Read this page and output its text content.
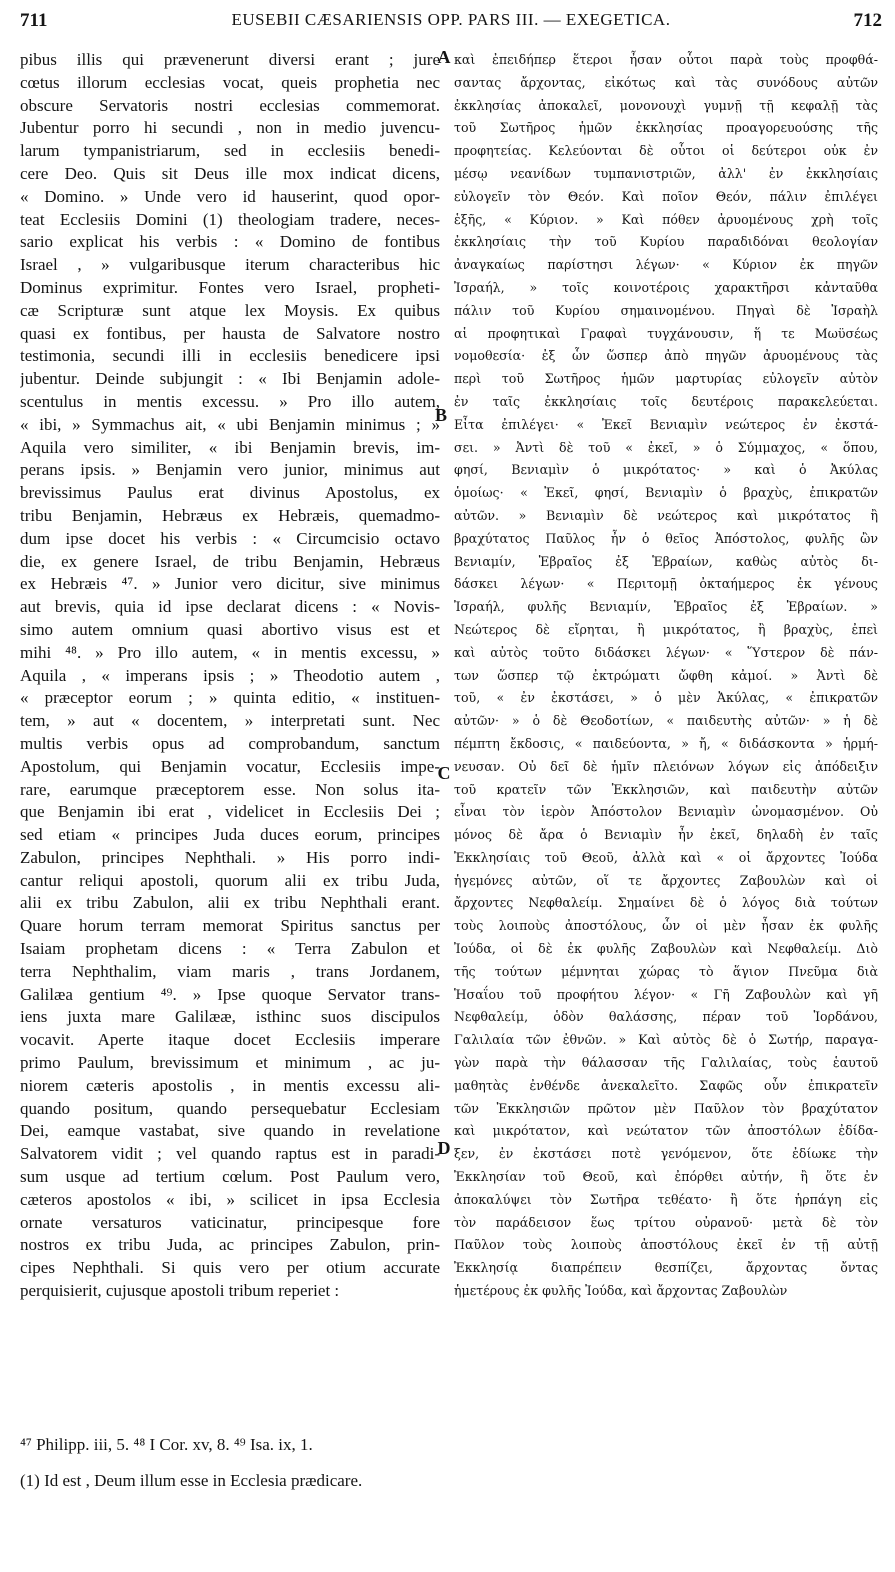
711	EUSEBII CÆSARIENSIS OPP. PARS III. — EXEGETICA.	712
pibus illis qui prævenerunt diversi erant ; jure
cœtus illorum ecclesias vocat, queis prophetia nec
obscure Servatoris nostri ecclesias commemorat.
Jubentur porro hi secundi , non in medio juvencu-
larum tympanistriarum, sed in ecclesiis benedi-
cere Deo. Quis sit Deus ille mox indicat dicens,
« Domino. » Unde vero id hauserint, quod opor-
teat Ecclesiis Domini (1) theologiam tradere, neces-
sario explicat his verbis : « Domino de fontibus
Israel , » vulgaribusque iterum characteribus hic
Dominus exprimitur. Fontes vero Israel, propheti-
cæ Scripturæ sunt atque lex Moysis. Ex quibus
quasi ex fontibus, per hausta de Salvatore nostro
testimonia, secundi illi in ecclesiis benedicere ipsi
jubentur. Deinde subjungit : « Ibi Benjamin adole-
scentulus in mentis excessu. » Pro illo autem,
« ibi, » Symmachus ait, « ubi Benjamin minimus ; »
Aquila vero similiter, « ibi Benjamin brevis, im-
perans ipsis. » Benjamin vero junior, minimus aut
brevissimus Paulus erat divinus Apostolus, ex
tribu Benjamin, Hebræus ex Hebræis, quemadmo-
dum ipse docet his verbis : « Circumcisio octavo
die, ex genere Israel, de tribu Benjamin, Hebræus
ex Hebræis ⁴⁷. » Junior vero dicitur, sive minimus
aut brevis, quia id ipse declarat dicens : « Novis-
simo autem omnium quasi abortivo visus est et
mihi ⁴⁸. » Pro illo autem, « in mentis excessu, »
Aquila , « imperans ipsis ; » Theodotio autem ,
« præceptor eorum ; » quinta editio, « instituen-
tem, » aut « docentem, » interpretati sunt. Nec
multis verbis opus ad comprobandum, sanctum
Apostolum, qui Benjamin vocatur, Ecclesiis impe-
rare, earumque præceptorem esse. Non solus ita-
que Benjamin ibi erat , videlicet in Ecclesiis Dei ;
sed etiam « principes Juda duces eorum, principes
Zabulon, principes Nephthali. » His porro indi-
cantur reliqui apostoli, quorum alii ex tribu Juda,
alii ex tribu Zabulon, alii ex tribu Nephthali erant.
Quare horum terram memorat Spiritus sanctus per
Isaiam prophetam dicens : « Terra Zabulon et
terra Nephthalim, viam maris , trans Jordanem,
Galilæa gentium ⁴⁹. » Ipse quoque Servator trans-
iens juxta mare Galilææ, isthinc suos discipulos
vocavit. Aperte itaque docet Ecclesiis imperare
primo Paulum, brevissimum et minimum , ac ju-
niorem cæteris apostolis , in mentis excessu ali-
quando positum, quando persequebatur Ecclesiam
Dei, eamque vastabat, sive quando in revelatione
Salvatorem vidit ; vel quando raptus est in paradi-
sum usque ad tertium cœlum. Post Paulum vero,
cæteros apostolos « ibi, » scilicet in ipsa Ecclesia
ornate versaturos vaticinatur, principesque fore
nostros ex tribu Juda, ac principes Zabulon, prin-
cipes Nephthali. Si quis vero per otium accurate
perquisierit, cujusque apostoli tribum reperiet :
καὶ ἐπειδήπερ ἕτεροι ἦσαν οὗτοι παρὰ τοὺς προφθά-
σαντας ἄρχοντας, εἰκότως καὶ τὰς συνόδους αὐτῶν
ἐκκλησίας ἀποκαλεῖ, μονονουχὶ γυμνῇ τῇ κεφαλῇ τὰς
τοῦ Σωτῆρος ἡμῶν ἐκκλησίας προαγορευούσης τῆς
προφητείας. Κελεύονται δὲ οὗτοι οἱ δεύτεροι οὐκ ἐν
μέσῳ νεανίδων τυμπανιστριῶν, ἀλλ' ἐν ἐκκλησίαις
εὐλογεῖν τὸν Θεόν. Καὶ ποῖον Θεόν, πάλιν ἐπιλέγει
ἑξῆς, « Κύριον. » Καὶ πόθεν ἀρυομένους χρὴ τοῖς
ἐκκλησίαις τὴν τοῦ Κυρίου παραδιδόναι θεολογίαν
ἀναγκαίως παρίστησι λέγων· « Κύριον ἐκ πηγῶν
Ἰσραήλ, » τοῖς κοινοτέροις χαρακτῆρσι κἀνταῦθα
πάλιν τοῦ Κυρίου σημαινομένου. Πηγαὶ δὲ Ἰσραὴλ
αἱ προφητικαὶ Γραφαὶ τυγχάνουσιν, ἥ τε Μωϋσέως
νομοθεσία· ἐξ ὧν ὥσπερ ἀπὸ πηγῶν ἀρυομένους τὰς
περὶ τοῦ Σωτῆρος ἡμῶν μαρτυρίας εὐλογεῖν αὐτὸν
ἐν ταῖς ἐκκλησίαις τοῖς δευτέροις παρακελεύεται.
Εἶτα ἐπιλέγει· « Ἐκεῖ Βενιαμὶν νεώτερος ἐν ἐκστά-
σει. » Ἀντὶ δὲ τοῦ « ἐκεῖ, » ὁ Σύμμαχος, « ὅπου,
φησί, Βενιαμὶν ὁ μικρότατος· » καὶ ὁ Ἀκύλας
ὁμοίως· « Ἐκεῖ, φησί, Βενιαμὶν ὁ βραχὺς, ἐπικρατῶν
αὐτῶν. » Βενιαμὶν δὲ νεώτερος καὶ μικρότατος ἢ
βραχύτατος Παῦλος ἦν ὁ θεῖος Ἀπόστολος, φυλῆς ὢν
Βενιαμίν, Ἑβραῖος ἐξ Ἑβραίων, καθὼς αὐτὸς δι-
δάσκει λέγων· « Περιτομῇ ὀκταήμερος ἐκ γένους
Ἰσραήλ, φυλῆς Βενιαμίν, Ἑβραῖος ἐξ Ἑβραίων. »
Νεώτερος δὲ εἴρηται, ἢ μικρότατος, ἢ βραχὺς, ἐπεὶ
καὶ αὐτὸς τοῦτο διδάσκει λέγων· « Ὕστερον δὲ πάν-
των ὥσπερ τῷ ἐκτρώματι ὤφθη κἀμοί. » Ἀντὶ δὲ
τοῦ, « ἐν ἐκστάσει, » ὁ μὲν Ἀκύλας, « ἐπικρατῶν
αὐτῶν· » ὁ δὲ Θεοδοτίων, « παιδευτὴς αὐτῶν· » ἡ δὲ
πέμπτη ἔκδοσις, « παιδεύοντα, » ἤ, « διδάσκοντα » ἡρμή-
νευσαν. Οὐ δεῖ δὲ ἡμῖν πλειόνων λόγων εἰς ἀπόδειξιν
τοῦ κρατεῖν τῶν Ἐκκλησιῶν, καὶ παιδευτὴν αὐτῶν
εἶναι τὸν ἱερὸν Ἀπόστολον Βενιαμὶν ὠνομασμένον. Οὐ
μόνος δὲ ἄρα ὁ Βενιαμὶν ἦν ἐκεῖ, δηλαδὴ ἐν ταῖς
Ἐκκλησίαις τοῦ Θεοῦ, ἀλλὰ καὶ « οἱ ἄρχοντες Ἰούδα
ἡγεμόνες αὐτῶν, οἵ τε ἄρχοντες Ζαβουλὼν καὶ οἱ
ἄρχοντες Νεφθαλείμ. Σημαίνει δὲ ὁ λόγος διὰ τούτων
τοὺς λοιποὺς ἀποστόλους, ὧν οἱ μὲν ἦσαν ἐκ φυλῆς
Ἰούδα, οἱ δὲ ἐκ φυλῆς Ζαβουλὼν καὶ Νεφθαλείμ. Διὸ
τῆς τούτων μέμνηται χώρας τὸ ἅγιον Πνεῦμα διὰ
Ἡσαΐου τοῦ προφήτου λέγον· « Γῆ Ζαβουλὼν καὶ γῆ
Νεφθαλείμ, ὁδὸν θαλάσσης, πέραν τοῦ Ἰορδάνου,
Γαλιλαία τῶν ἐθνῶν. » Καὶ αὐτὸς δὲ ὁ Σωτήρ, παραγα-
γὼν παρὰ τὴν θάλασσαν τῆς Γαλιλαίας, τοὺς ἑαυτοῦ
μαθητὰς ἐνθένδε ἀνεκαλεῖτο. Σαφῶς οὖν ἐπικρατεῖν
τῶν Ἐκκλησιῶν πρῶτον μὲν Παῦλον τὸν βραχύτατον
καὶ μικρότατον, καὶ νεώτατον τῶν ἀποστόλων ἐδίδα-
ξεν, ἐν ἐκστάσει ποτὲ γενόμενον, ὅτε ἐδίωκε τὴν
Ἐκκλησίαν τοῦ Θεοῦ, καὶ ἐπόρθει αὐτήν, ἢ ὅτε ἐν
ἀποκαλύψει τὸν Σωτῆρα τεθέατο· ἢ ὅτε ἡρπάγη εἰς
τὸν παράδεισον ἕως τρίτου οὐρανοῦ· μετὰ δὲ τὸν
Παῦλον τοὺς λοιποὺς ἀποστόλους ἐκεῖ ἐν τῇ αὐτῇ
Ἐκκλησίᾳ διαπρέπειν θεσπίζει, ἄρχοντας ὄντας
ἡμετέρους ἐκ φυλῆς Ἰούδα, καὶ ἄρχοντας Ζαβουλὼν
A
B
C
D

⁴⁷ Philipp. iii, 5. ⁴⁸ I Cor. xv, 8. ⁴⁹ Isa. ix, 1.

(1) Id est , Deum illum esse in Ecclesia prædicare.
